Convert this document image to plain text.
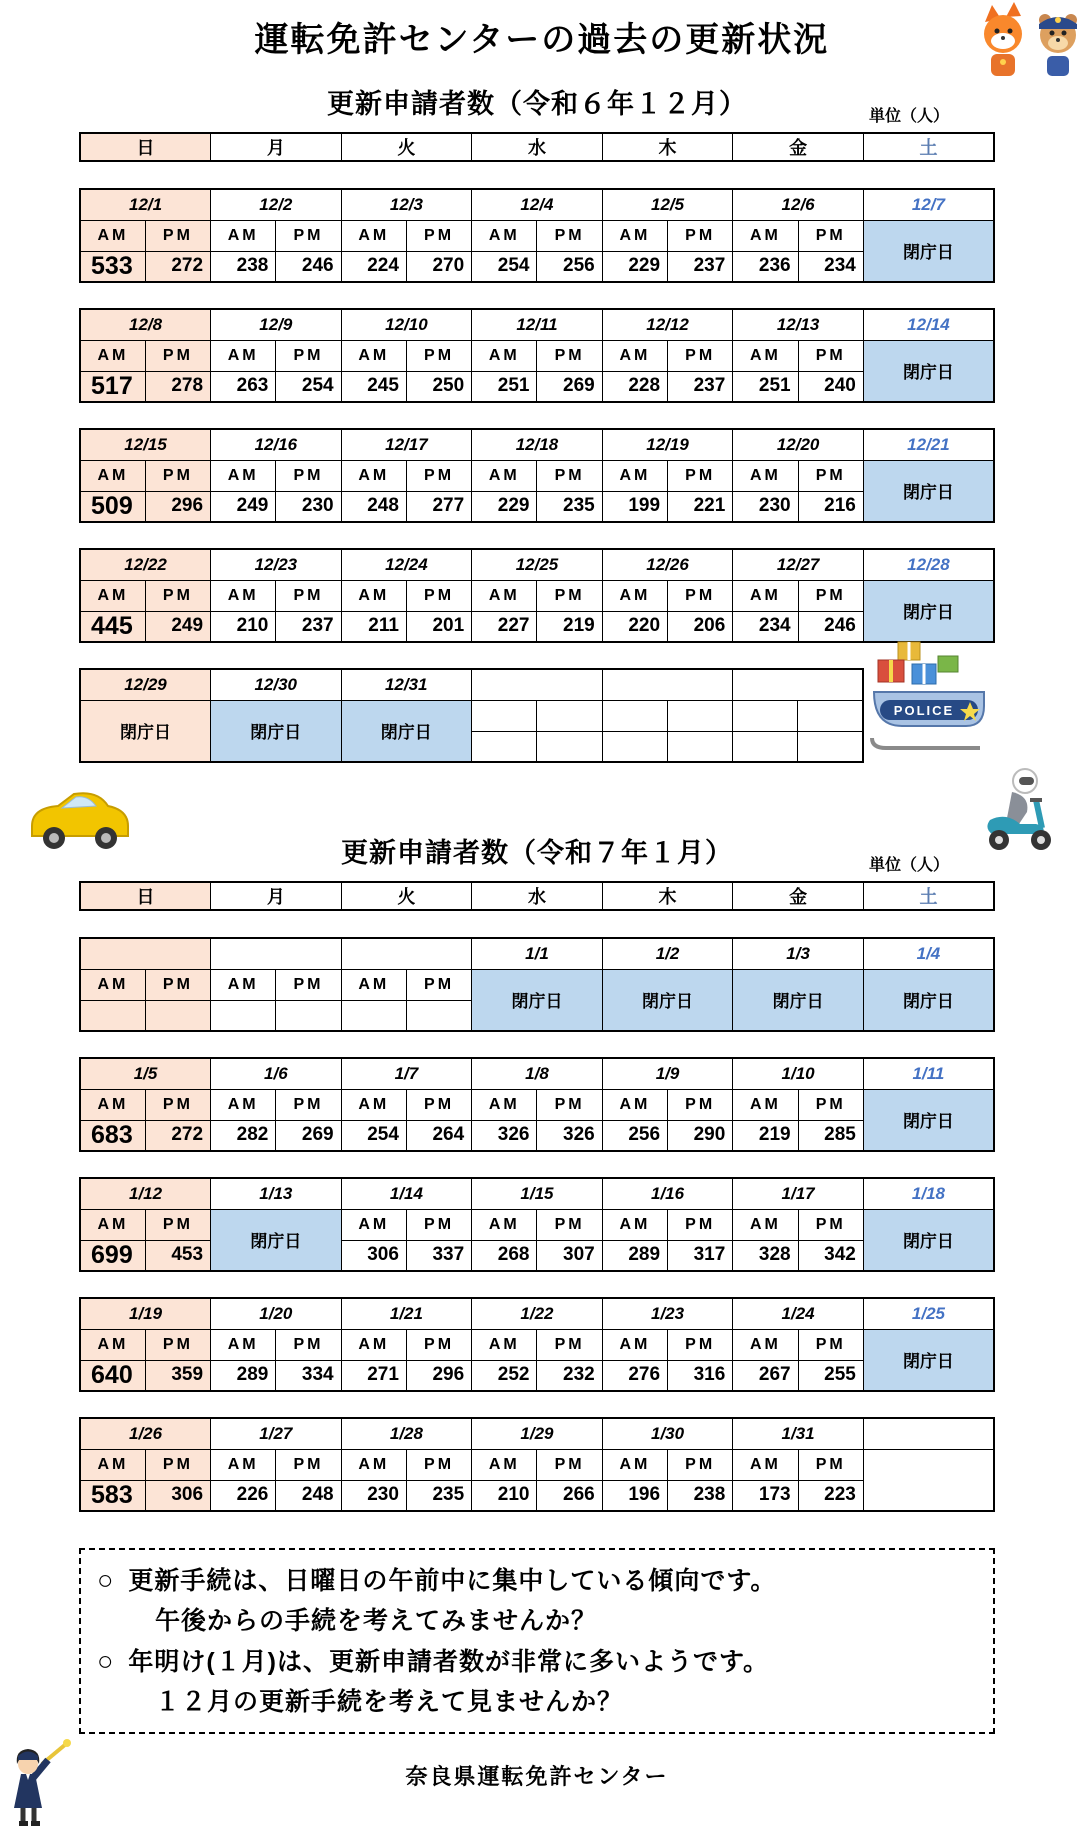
運転免許センターの過去の更新状況
更新申請者数（令和６年１２月）	単位（人）
日	月	火	水	木	金	土
12/1		12/2		12/3		12/4		12/5		12/6		12/7
AM	PM	AM	PM	AM	PM	AM	PM	AM	PM	AM	PM	閉庁日
533	272	238	246	224	270	254	256	229	237	236	234	
12/8		12/9		12/10		12/11		12/12		12/13		12/14
AM	PM	AM	PM	AM	PM	AM	PM	AM	PM	AM	PM	閉庁日
517	278	263	254	245	250	251	269	228	237	251	240	
12/15		12/16		12/17		12/18		12/19		12/20		12/21
AM	PM	AM	PM	AM	PM	AM	PM	AM	PM	AM	PM	閉庁日
509	296	249	230	248	277	229	235	199	221	230	216	
12/22		12/23		12/24		12/25		12/26		12/27		12/28
AM	PM	AM	PM	AM	PM	AM	PM	AM	PM	AM	PM	閉庁日
445	249	210	237	211	201	227	219	220	206	234	246	
12/29	12/30	12/31						
閉庁日	閉庁日	閉庁日						

更新申請者数（令和７年１月）	単位（人）
日	月	火	水	木	金	土
						1/1	1/2	1/3	1/4
AM	PM	AM	PM	AM	PM	閉庁日	閉庁日	閉庁日	閉庁日

1/5		1/6		1/7		1/8		1/9		1/10		1/11
AM	PM	AM	PM	AM	PM	AM	PM	AM	PM	AM	PM	閉庁日
683	272	282	269	254	264	326	326	256	290	219	285	
1/12		1/13	1/14		1/15		1/16		1/17		1/18
AM	PM	閉庁日	AM	PM	AM	PM	AM	PM	AM	PM	閉庁日
699	453		306	337	268	307	289	317	328	342	
1/19		1/20		1/21		1/22		1/23		1/24		1/25
AM	PM	AM	PM	AM	PM	AM	PM	AM	PM	AM	PM	閉庁日
640	359	289	334	271	296	252	232	276	316	267	255	
1/26		1/27		1/28		1/29		1/30		1/31		
AM	PM	AM	PM	AM	PM	AM	PM	AM	PM	AM	PM	
583	306	226	248	230	235	210	266	196	238	173	223	
○ 更新手続は、日曜日の午前中に集中している傾向です。
午後からの手続を考えてみませんか？
○ 年明け(１月)は、更新申請者数が非常に多いようです。
１２月の更新手続を考えて見ませんか？
奈良県運転免許センター
POLICE
